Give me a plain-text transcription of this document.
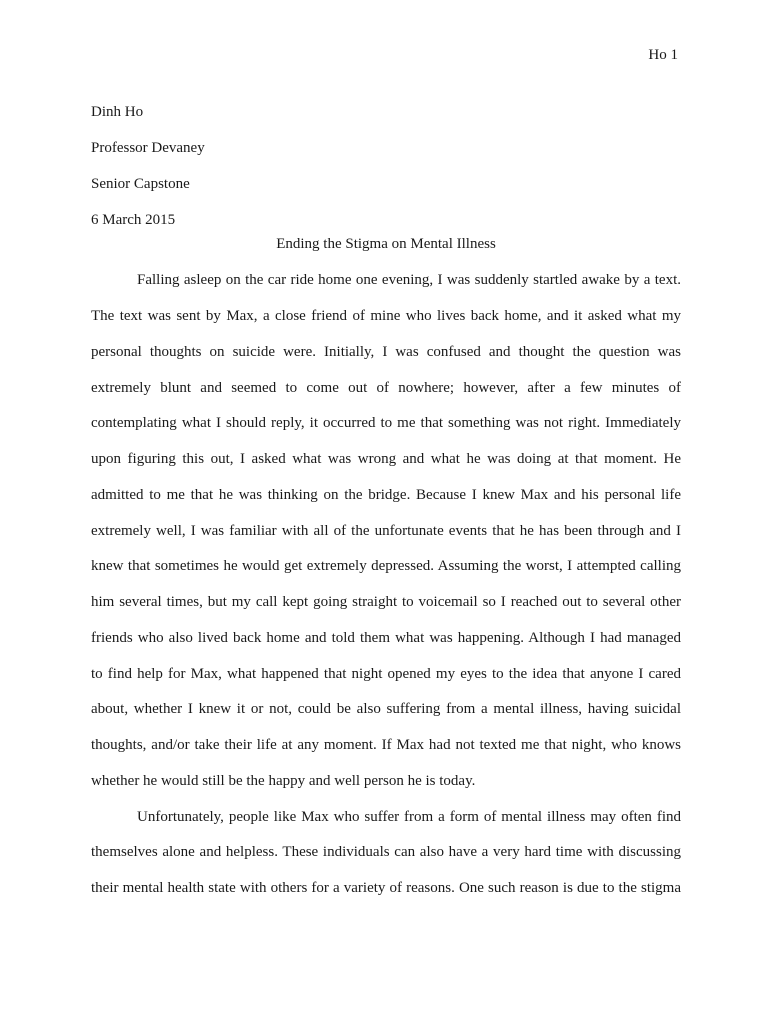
Ho 1
Dinh Ho
Professor Devaney
Senior Capstone
6 March 2015
Ending the Stigma on Mental Illness
Falling asleep on the car ride home one evening, I was suddenly startled awake by a text.
The text was sent by Max, a close friend of mine who lives back home, and it asked what my
personal thoughts on suicide were. Initially, I was confused and thought the question was
extremely blunt and seemed to come out of nowhere; however, after a few minutes of
contemplating what I should reply, it occurred to me that something was not right. Immediately
upon figuring this out, I asked what was wrong and what he was doing at that moment. He
admitted to me that he was thinking on the bridge. Because I knew Max and his personal life
extremely well, I was familiar with all of the unfortunate events that he has been through and I
knew that sometimes he would get extremely depressed. Assuming the worst, I attempted calling
him several times, but my call kept going straight to voicemail so I reached out to several other
friends who also lived back home and told them what was happening. Although I had managed
to find help for Max, what happened that night opened my eyes to the idea that anyone I cared
about, whether I knew it or not, could be also suffering from a mental illness, having suicidal
thoughts, and/or take their life at any moment. If Max had not texted me that night, who knows
whether he would still be the happy and well person he is today.
Unfortunately, people like Max who suffer from a form of mental illness may often find
themselves alone and helpless. These individuals can also have a very hard time with discussing
their mental health state with others for a variety of reasons. One such reason is due to the stigma
